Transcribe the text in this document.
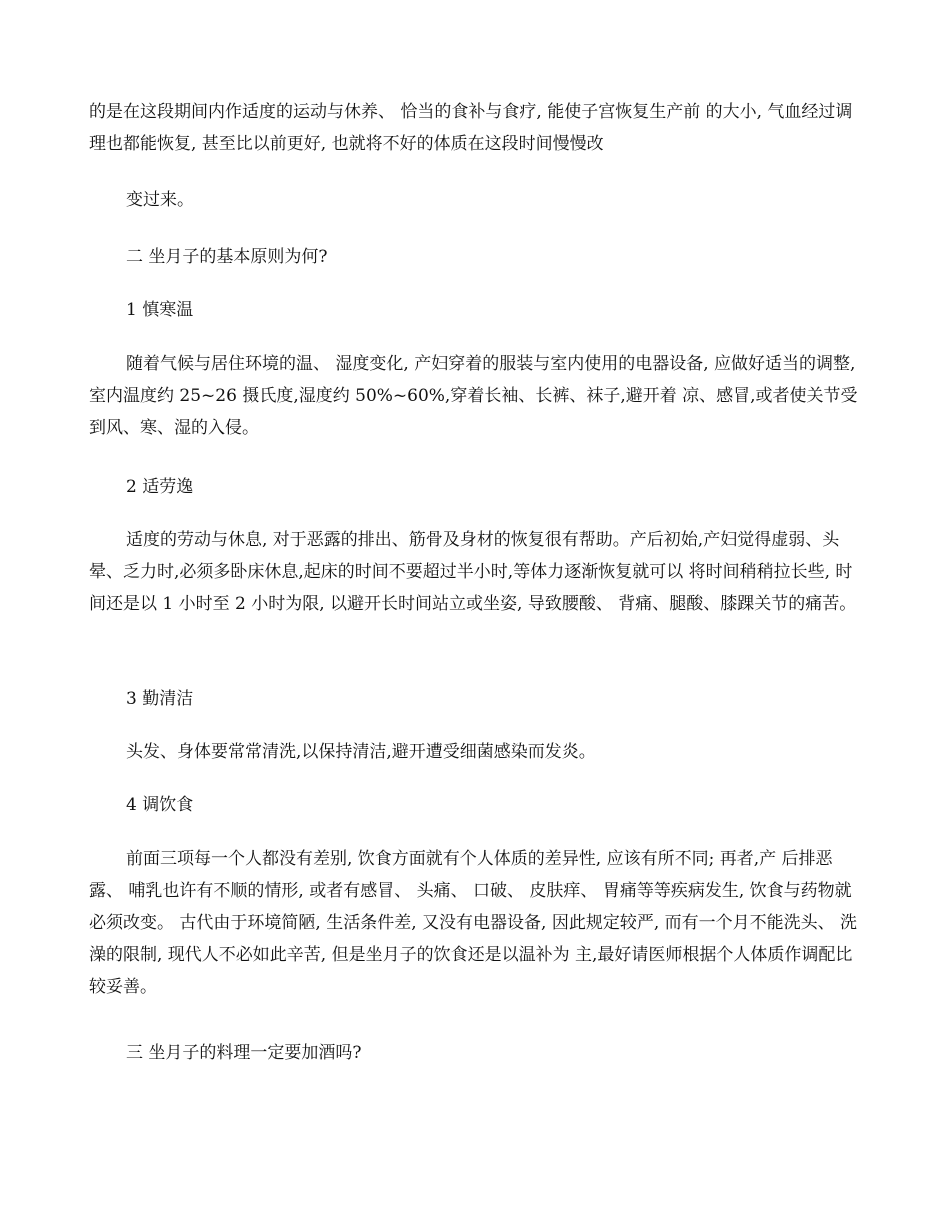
的是在这段期间内作适度的运动与休养、 恰当的食补与食疗, 能使子宫恢复生产前 的大小, 气血经过调理也都能恢复, 甚至比以前更好, 也就将不好的体质在这段时间慢慢改

变过来。

二 坐月子的基本原则为何?

1 慎寒温

随着气候与居住环境的温、 湿度变化, 产妇穿着的服装与室内使用的电器设备, 应做好适当的调整,室内温度约 25~26 摄氏度,湿度约 50%~60%,穿着长袖、长裤、袜子,避开着 凉、感冒,或者使关节受到风、寒、湿的入侵。

2 适劳逸

适度的劳动与休息, 对于恶露的排出、筋骨及身材的恢复很有帮助。产后初始,产妇觉得虚弱、头晕、乏力时,必须多卧床休息,起床的时间不要超过半小时,等体力逐渐恢复就可以 将时间稍稍拉长些, 时间还是以 1 小时至 2 小时为限, 以避开长时间站立或坐姿, 导致腰酸、 背痛、腿酸、膝踝关节的痛苦。

3 勤清洁

头发、身体要常常清洗,以保持清洁,避开遭受细菌感染而发炎。

4 调饮食

前面三项每一个人都没有差别, 饮食方面就有个人体质的差异性, 应该有所不同; 再者,产 后排恶露、 哺乳也许有不顺的情形, 或者有感冒、 头痛、 口破、 皮肤痒、 胃痛等等疾病发生, 饮食与药物就必须改变。 古代由于环境简陋, 生活条件差, 又没有电器设备, 因此规定较严, 而有一个月不能洗头、 洗澡的限制, 现代人不必如此辛苦, 但是坐月子的饮食还是以温补为 主,最好请医师根据个人体质作调配比较妥善。

三 坐月子的料理一定要加酒吗?
